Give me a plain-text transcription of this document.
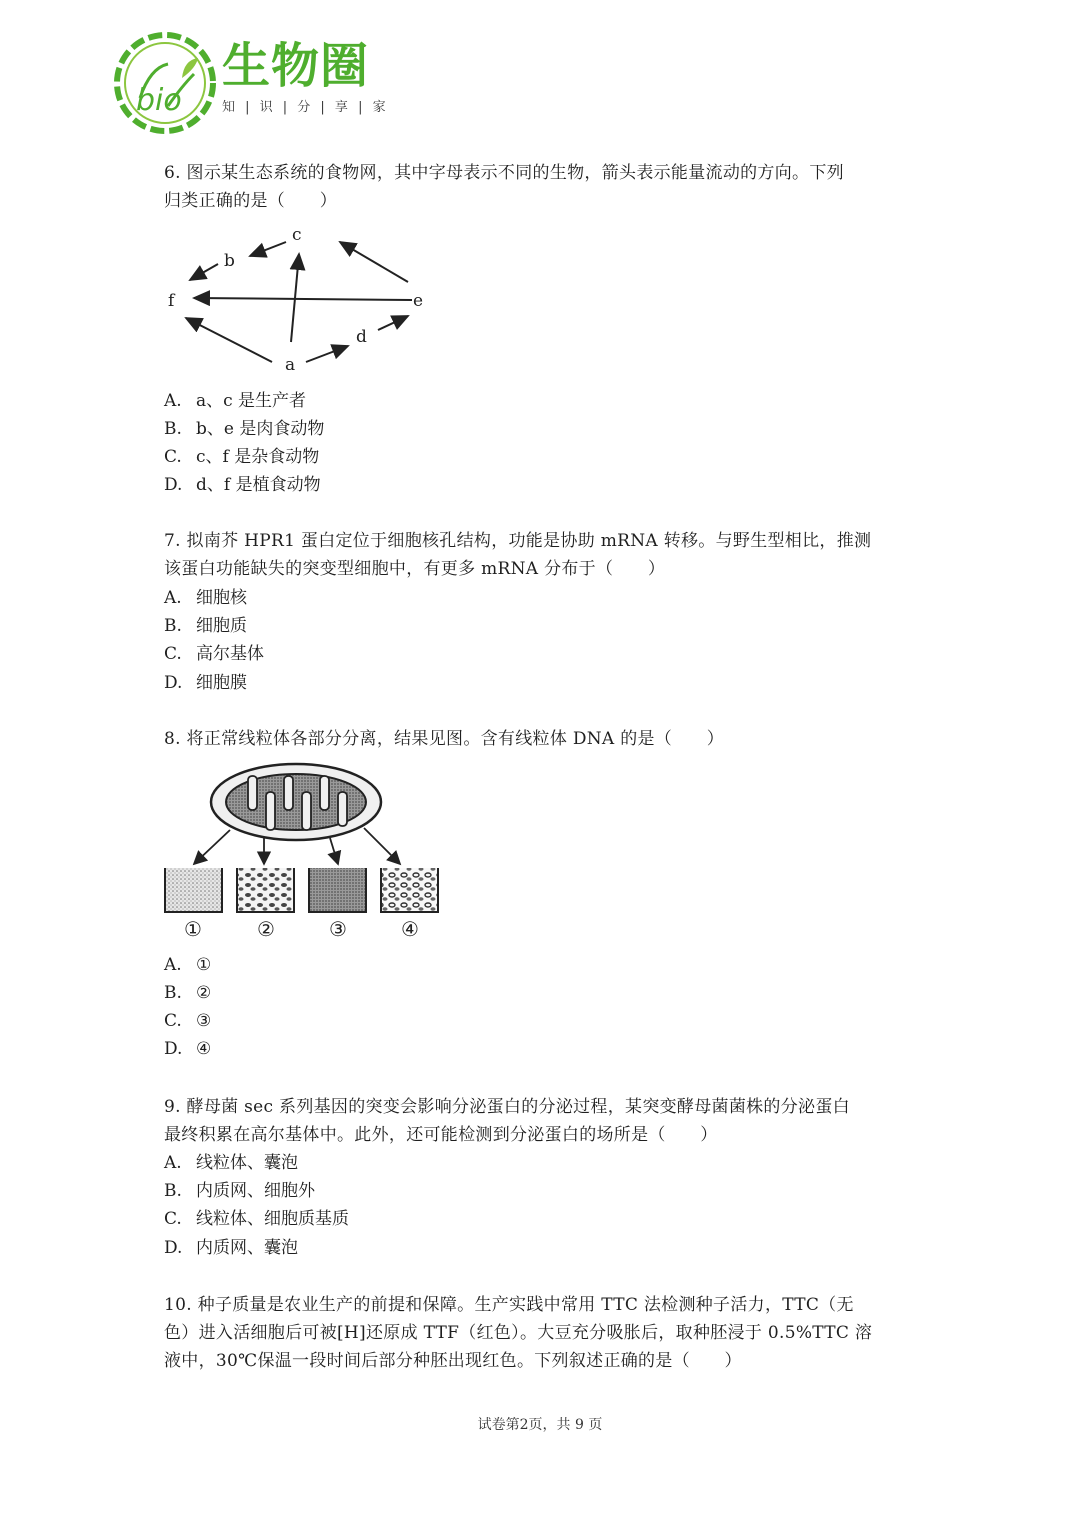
bio
生物圈
知 | 识 | 分 | 享 | 家
6. 图示某生态系统的食物网，其中字母表示不同的生物，箭头表示能量流动的方向。下列
归类正确的是（　　）
a
b
c
d
e
f
A. a、c 是生产者
B. b、e 是肉食动物
C. c、f 是杂食动物
D. d、f 是植食动物
7. 拟南芥 HPR1 蛋白定位于细胞核孔结构，功能是协助 mRNA 转移。与野生型相比，推测
该蛋白功能缺失的突变型细胞中，有更多 mRNA 分布于（　　）
A. 细胞核
B. 细胞质
C. 高尔基体
D. 细胞膜
8. 将正常线粒体各部分分离，结果见图。含有线粒体 DNA 的是（　　）
①	②	③	④
A. ①
B. ②
C. ③
D. ④
9. 酵母菌 sec 系列基因的突变会影响分泌蛋白的分泌过程，某突变酵母菌菌株的分泌蛋白
最终积累在高尔基体中。此外，还可能检测到分泌蛋白的场所是（　　）
A. 线粒体、囊泡
B. 内质网、细胞外
C. 线粒体、细胞质基质
D. 内质网、囊泡
10. 种子质量是农业生产的前提和保障。生产实践中常用 TTC 法检测种子活力，TTC（无
色）进入活细胞后可被[H]还原成 TTF（红色）。大豆充分吸胀后，取种胚浸于 0.5%TTC 溶
液中，30℃保温一段时间后部分种胚出现红色。下列叙述正确的是（　　）
试卷第2页，共 9 页
